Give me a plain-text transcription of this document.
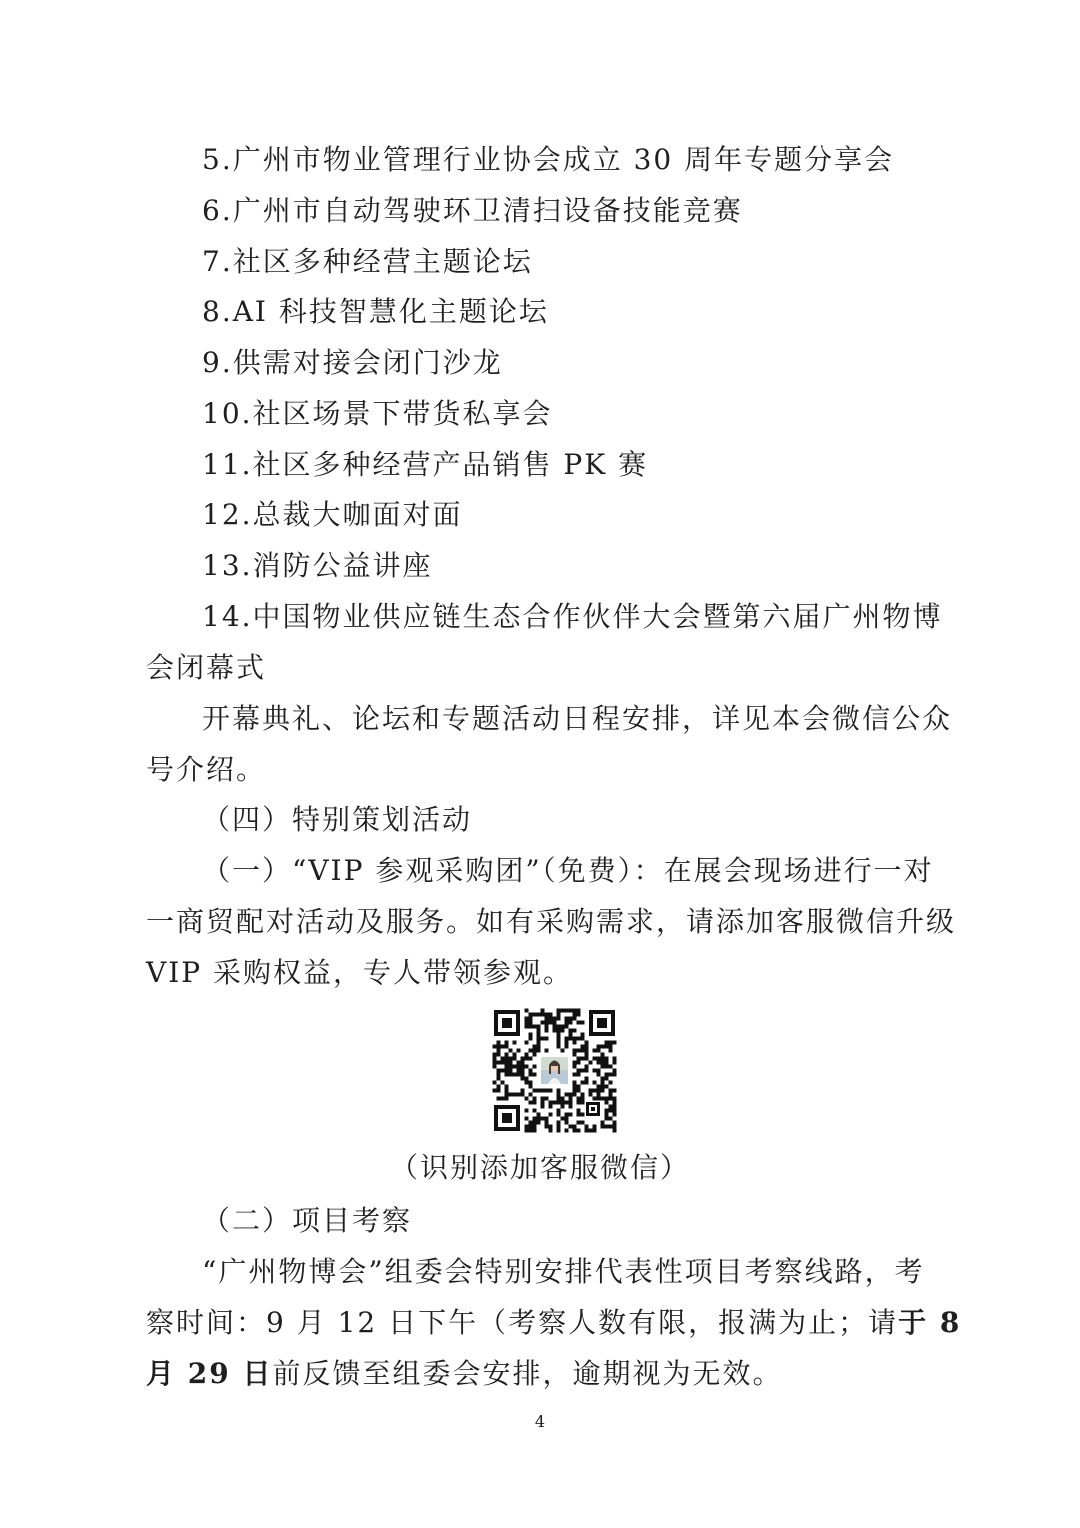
5.广州市物业管理行业协会成立 30 周年专题分享会
6.广州市自动驾驶环卫清扫设备技能竞赛
7.社区多种经营主题论坛
8.AI 科技智慧化主题论坛
9.供需对接会闭门沙龙
10.社区场景下带货私享会
11.社区多种经营产品销售 PK 赛
12.总裁大咖面对面
13.消防公益讲座
14.中国物业供应链生态合作伙伴大会暨第六届广州物博
会闭幕式
开幕典礼、论坛和专题活动日程安排，详见本会微信公众
号介绍。
（四）特别策划活动
（一）“VIP 参观采购团”（免费）：在展会现场进行一对
一商贸配对活动及服务。如有采购需求，请添加客服微信升级
VIP 采购权益，专人带领参观。
（识别添加客服微信）
（二）项目考察
“广州物博会”组委会特别安排代表性项目考察线路，考
察时间：9 月 12 日下午（考察人数有限，报满为止；请于 8
月 29 日前反馈至组委会安排，逾期视为无效。
4
